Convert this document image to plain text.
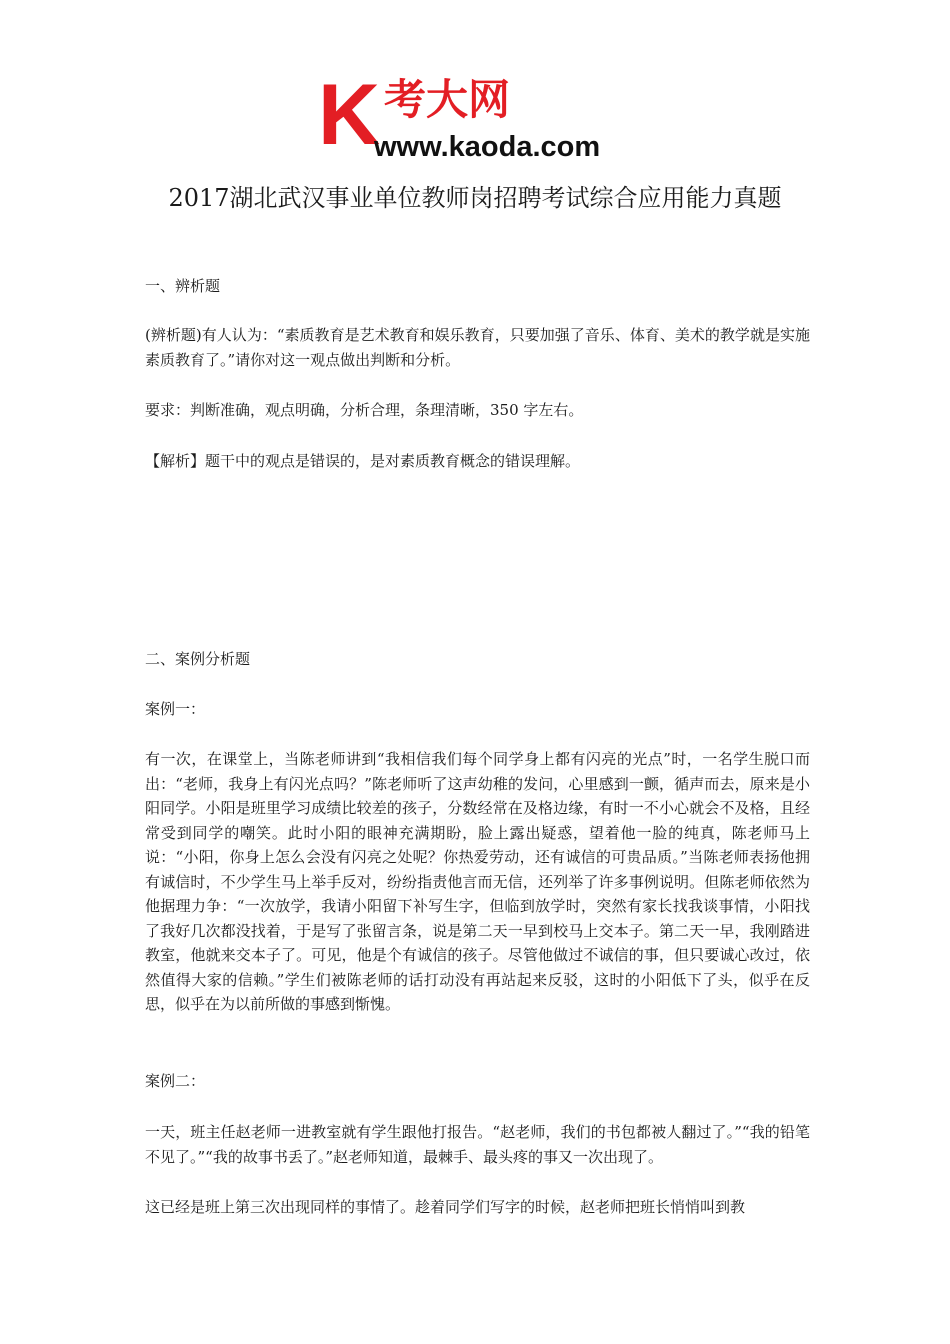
K 考大网
www.kaoda.com
2017湖北武汉事业单位教师岗招聘考试综合应用能力真题

一、辨析题

(辨析题)有人认为：“素质教育是艺术教育和娱乐教育，只要加强了音乐、体育、美术的教学就是实施素质教育了。”请你对这一观点做出判断和分析。

要求：判断准确，观点明确，分析合理，条理清晰，350 字左右。

【解析】题干中的观点是错误的，是对素质教育概念的错误理解。

二、案例分析题

案例一：

有一次，在课堂上，当陈老师讲到“我相信我们每个同学身上都有闪亮的光点”时，一名学生脱口而出：“老师，我身上有闪光点吗？”陈老师听了这声幼稚的发问，心里感到一颤，循声而去，原来是小阳同学。小阳是班里学习成绩比较差的孩子，分数经常在及格边缘，有时一不小心就会不及格，且经常受到同学的嘲笑。此时小阳的眼神充满期盼，脸上露出疑惑，望着他一脸的纯真，陈老师马上说：“小阳，你身上怎么会没有闪亮之处呢？你热爱劳动，还有诚信的可贵品质。”当陈老师表扬他拥有诚信时，不少学生马上举手反对，纷纷指责他言而无信，还列举了许多事例说明。但陈老师依然为他据理力争：“一次放学，我请小阳留下补写生字，但临到放学时，突然有家长找我谈事情，小阳找了我好几次都没找着，于是写了张留言条，说是第二天一早到校马上交本子。第二天一早，我刚踏进教室，他就来交本子了。可见，他是个有诚信的孩子。尽管他做过不诚信的事，但只要诚心改过，依然值得大家的信赖。”学生们被陈老师的话打动没有再站起来反驳，这时的小阳低下了头，似乎在反思，似乎在为以前所做的事感到惭愧。

案例二：

一天，班主任赵老师一进教室就有学生跟他打报告。“赵老师，我们的书包都被人翻过了。”“我的铅笔不见了。”“我的故事书丢了。”赵老师知道，最棘手、最头疼的事又一次出现了。

这已经是班上第三次出现同样的事情了。趁着同学们写字的时候，赵老师把班长悄悄叫到教
